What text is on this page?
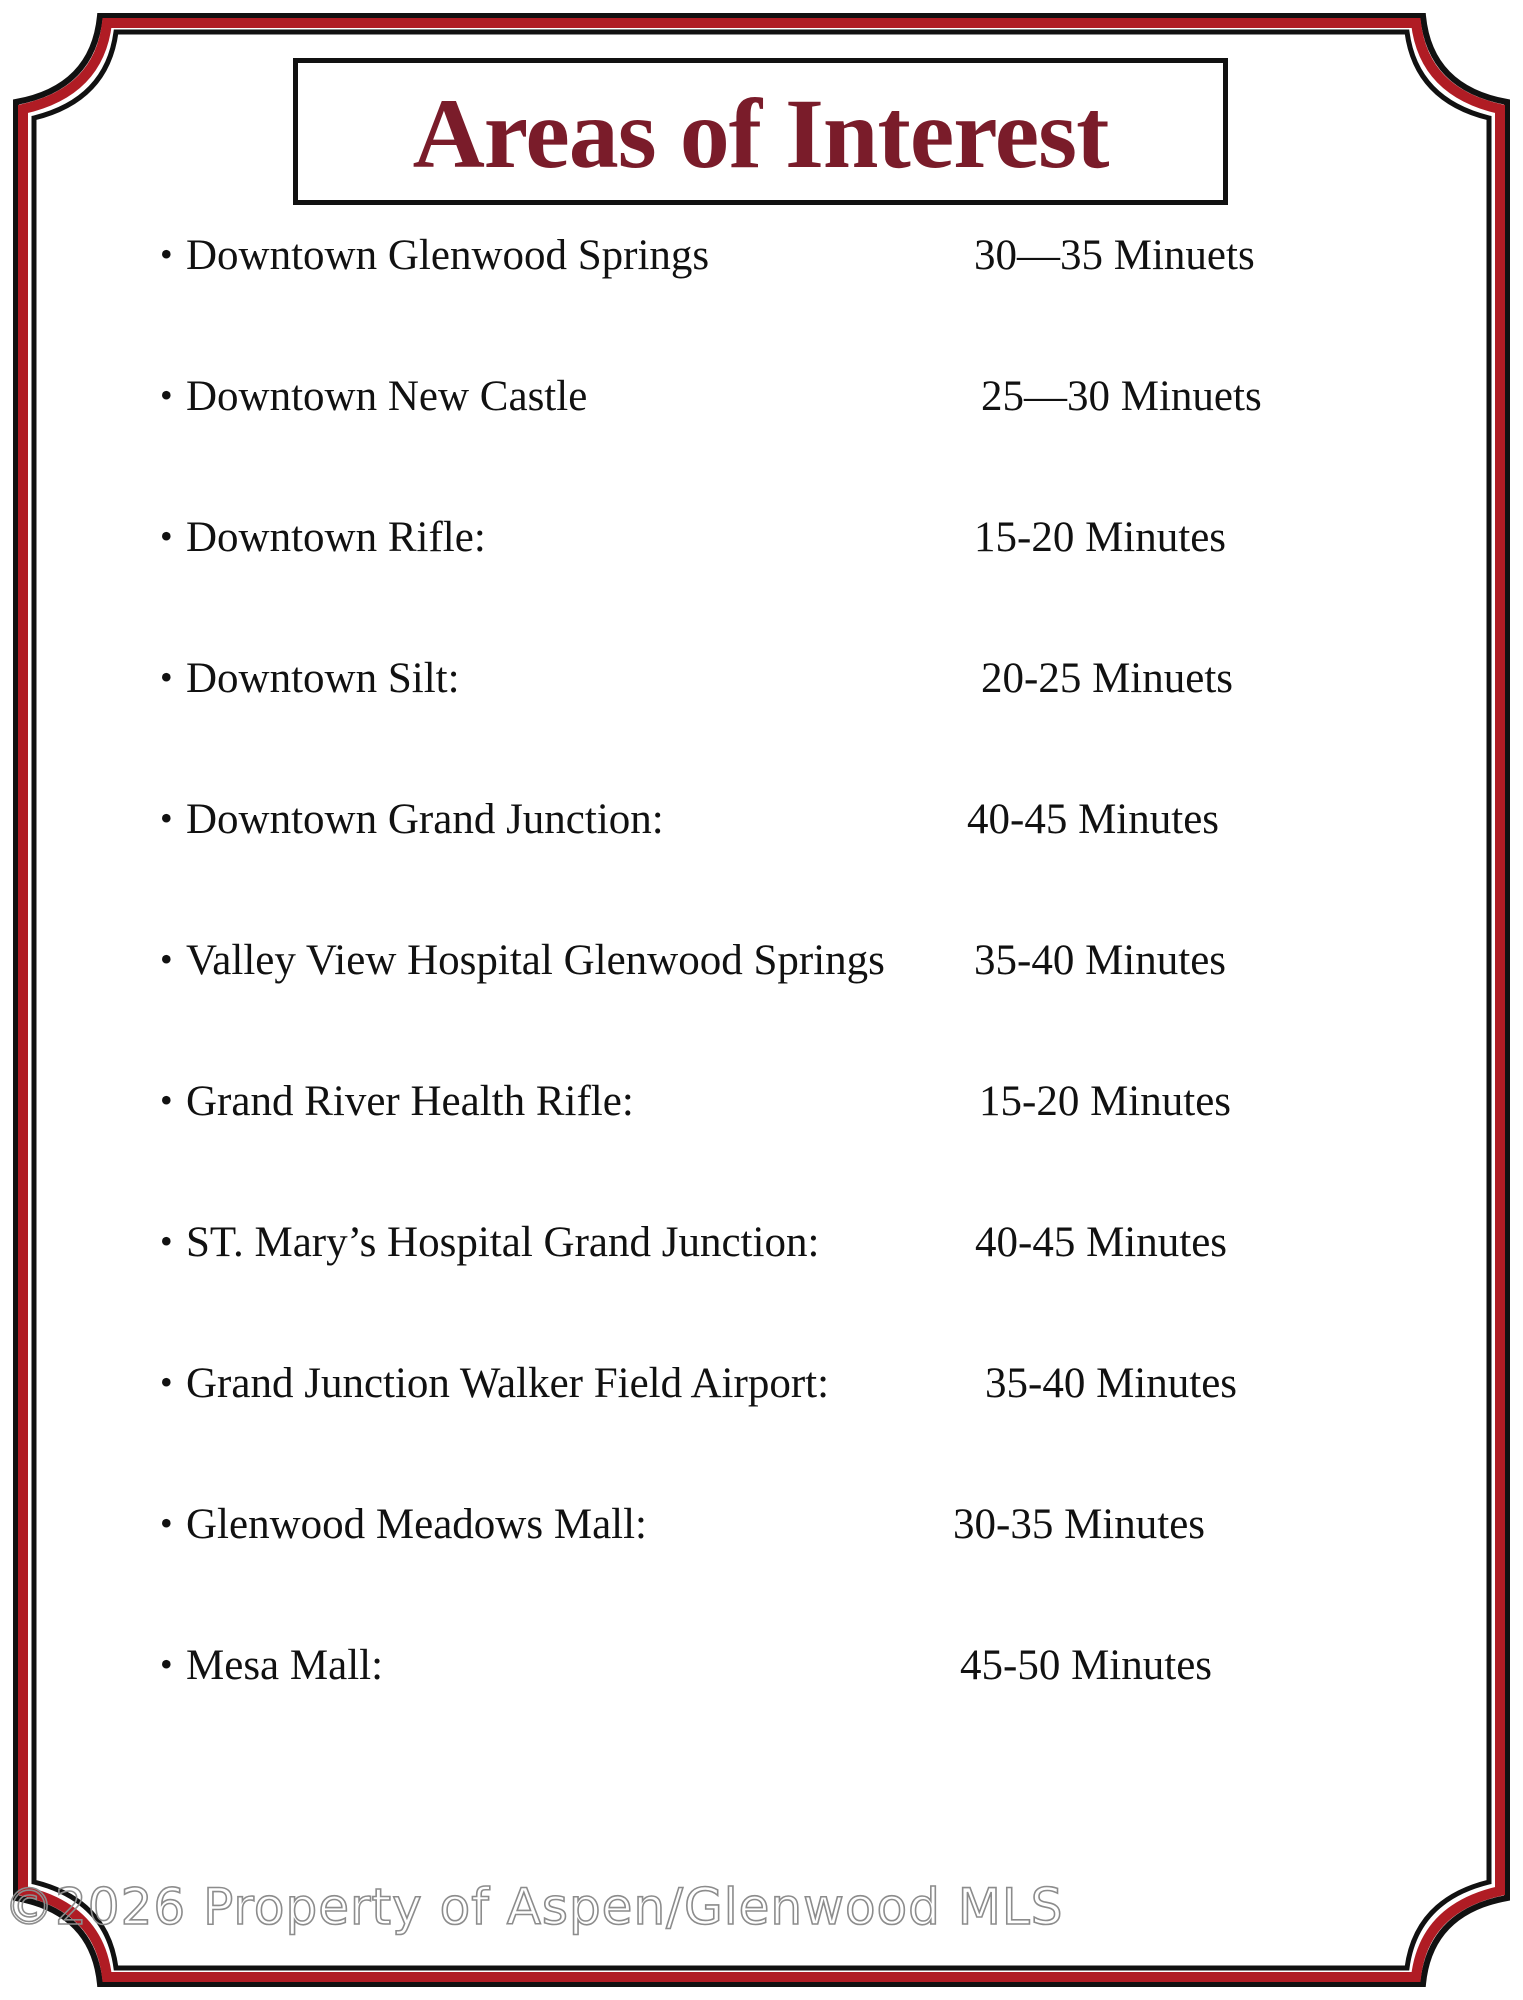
Areas of Interest
• Downtown Glenwood Springs	30—35 Minuets
• Downtown New Castle	25—30 Minuets
• Downtown Rifle:	15-20 Minutes
• Downtown Silt:	20-25 Minuets
• Downtown Grand Junction:	40-45 Minutes
• Valley View Hospital Glenwood Springs 35-40 Minutes
• Grand River Health Rifle:	15-20 Minutes
• ST. Mary’s Hospital Grand Junction:	40-45 Minutes
• Grand Junction Walker Field Airport:	35-40 Minutes
• Glenwood Meadows Mall:	30-35 Minutes
• Mesa Mall:	45-50 Minutes
©2026 Property of Aspen/Glenwood MLS
